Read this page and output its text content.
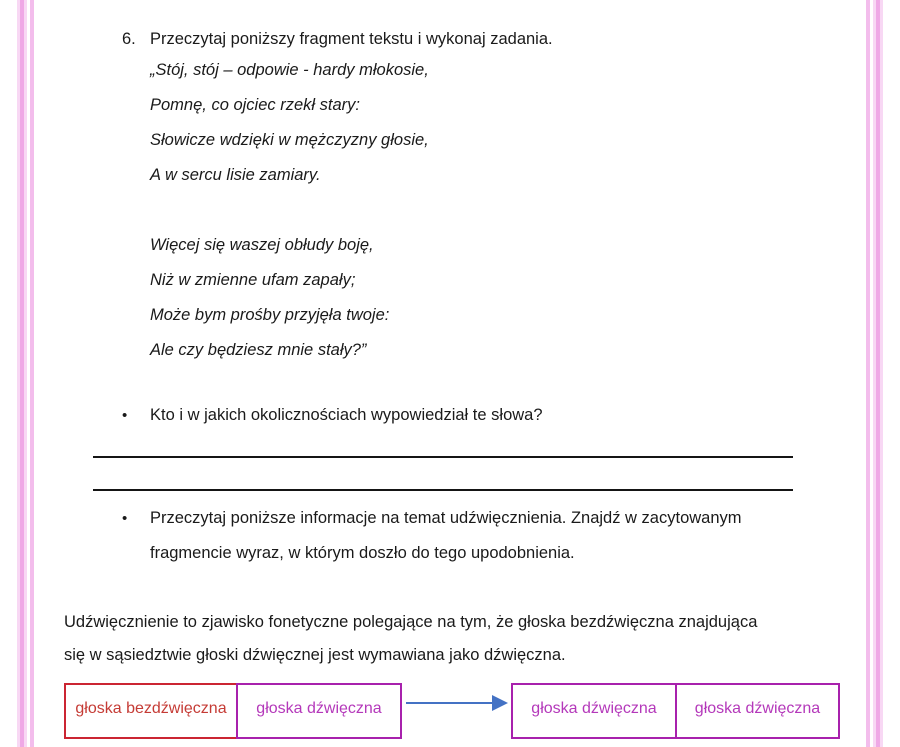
6. Przeczytaj poniższy fragment tekstu i wykonaj zadania.
„Stój, stój – odpowie - hardy młokosie,
Pomnę, co ojciec rzekł stary:
Słowicze wdzięki w mężczyzny głosie,
A w sercu lisie zamiary.
Więcej się waszej obłudy boję,
Niż w zmienne ufam zapały;
Może bym prośby przyjęła twoje:
Ale czy będziesz mnie stały?”
•	Kto i w jakich okolicznościach wypowiedział te słowa?
•	Przeczytaj poniższe informacje na temat udźwięcznienia. Znajdź w zacytowanym
fragmencie wyraz, w którym doszło do tego upodobnienia.
Udźwięcznienie to zjawisko fonetyczne polegające na tym, że głoska bezdźwięczna znajdująca
się w sąsiedztwie głoski dźwięcznej jest wymawiana jako dźwięczna.
głoska bezdźwięczna głoska dźwięczna	głoska dźwięczna głoska dźwięczna
